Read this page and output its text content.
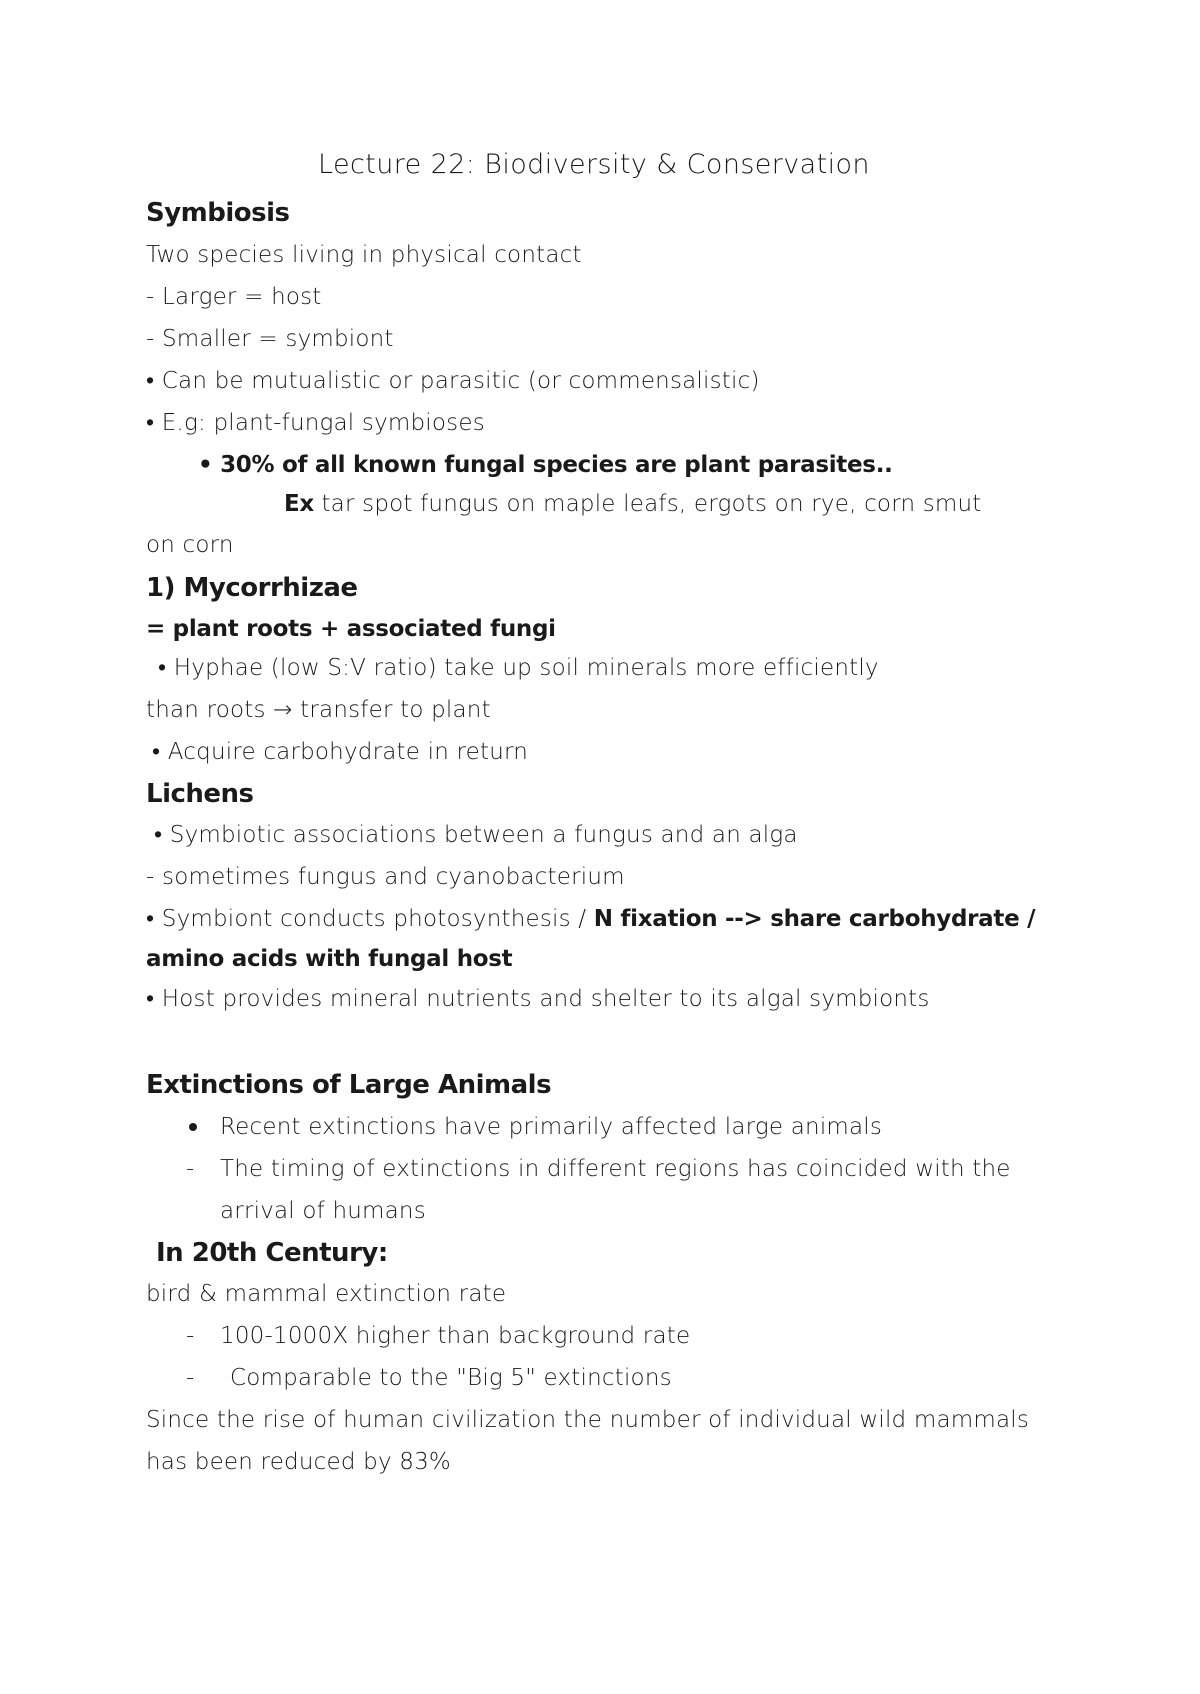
Lecture 22: Biodiversity & Conservation
Symbiosis
Two species living in physical contact
- Larger = host
- Smaller = symbiont
• Can be mutualistic or parasitic (or commensalistic)
• E.g: plant-fungal symbioses
• 30% of all known fungal species are plant parasites..
Ex tar spot fungus on maple leafs, ergots on rye, corn smut
on corn
1) Mycorrhizae
= plant roots + associated fungi
• Hyphae (low S:V ratio) take up soil minerals more efficiently
than roots → transfer to plant
• Acquire carbohydrate in return
Lichens
• Symbiotic associations between a fungus and an alga
- sometimes fungus and cyanobacterium
• Symbiont conducts photosynthesis / N fixation --> share carbohydrate /
amino acids with fungal host
• Host provides mineral nutrients and shelter to its algal symbionts
Extinctions of Large Animals
Recent extinctions have primarily affected large animals
- The timing of extinctions in different regions has coincided with the
arrival of humans
In 20th Century:
bird & mammal extinction rate
- 100-1000X higher than background rate
- Comparable to the "Big 5" extinctions
Since the rise of human civilization the number of individual wild mammals
has been reduced by 83%
